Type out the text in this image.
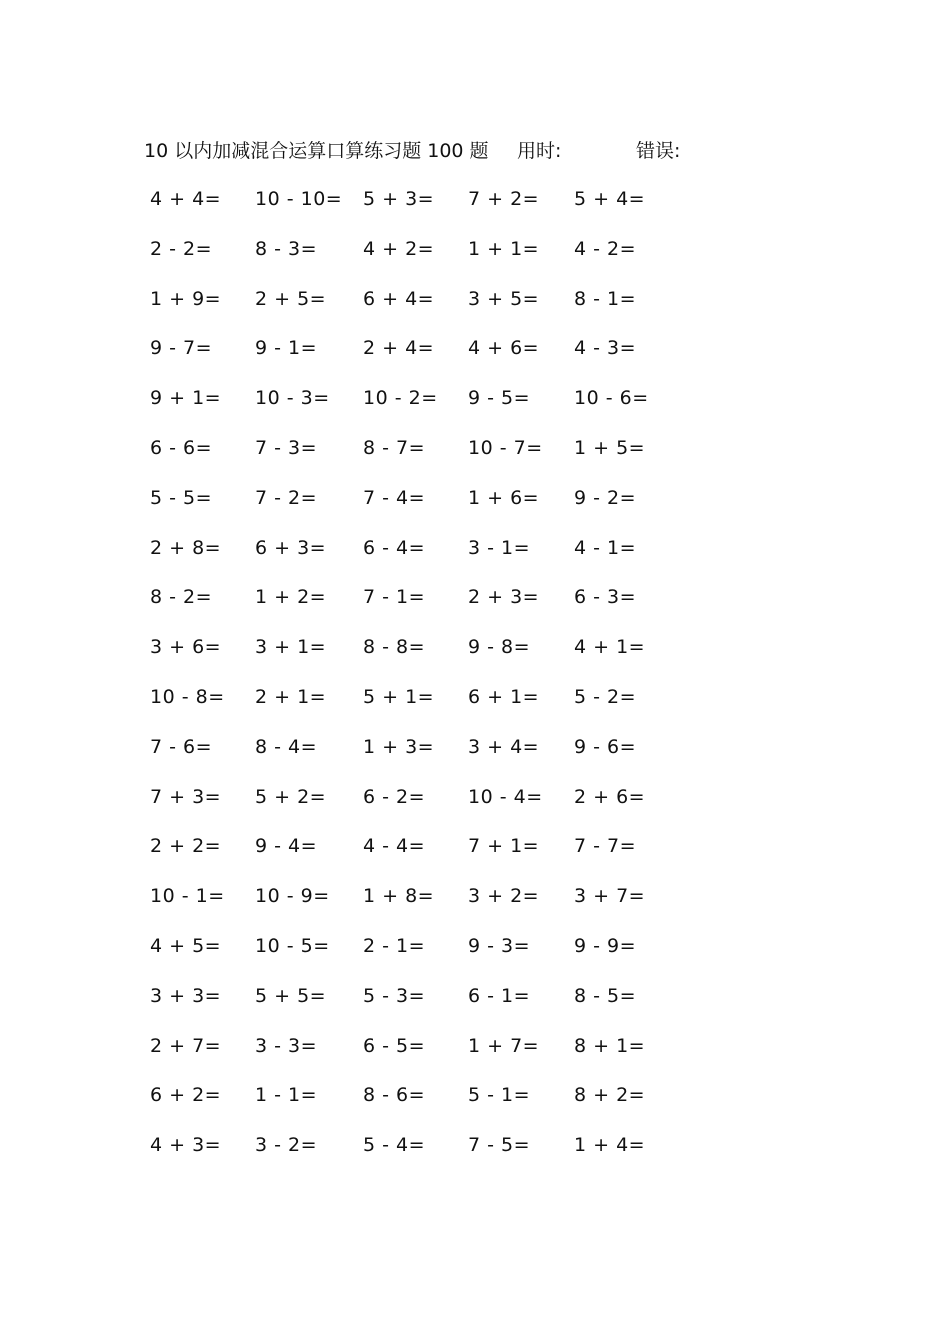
10 以内加减混合运算口算练习题 100 题 用时:	错误:
4 + 4=	10 - 10=	5 + 3=	7 + 2=	5 + 4=
2 - 2=	8 - 3=	4 + 2=	1 + 1=	4 - 2=
1 + 9=	2 + 5=	6 + 4=	3 + 5=	8 - 1=
9 - 7=	9 - 1=	2 + 4=	4 + 6=	4 - 3=
9 + 1=	10 - 3=	10 - 2=	9 - 5=	10 - 6=
6 - 6=	7 - 3=	8 - 7=	10 - 7=	1 + 5=
5 - 5=	7 - 2=	7 - 4=	1 + 6=	9 - 2=
2 + 8=	6 + 3=	6 - 4=	3 - 1=	4 - 1=
8 - 2=	1 + 2=	7 - 1=	2 + 3=	6 - 3=
3 + 6=	3 + 1=	8 - 8=	9 - 8=	4 + 1=
10 - 8=	2 + 1=	5 + 1=	6 + 1=	5 - 2=
7 - 6=	8 - 4=	1 + 3=	3 + 4=	9 - 6=
7 + 3=	5 + 2=	6 - 2=	10 - 4=	2 + 6=
2 + 2=	9 - 4=	4 - 4=	7 + 1=	7 - 7=
10 - 1=	10 - 9=	1 + 8=	3 + 2=	3 + 7=
4 + 5=	10 - 5=	2 - 1=	9 - 3=	9 - 9=
3 + 3=	5 + 5=	5 - 3=	6 - 1=	8 - 5=
2 + 7=	3 - 3=	6 - 5=	1 + 7=	8 + 1=
6 + 2=	1 - 1=	8 - 6=	5 - 1=	8 + 2=
4 + 3=	3 - 2=	5 - 4=	7 - 5=	1 + 4=
